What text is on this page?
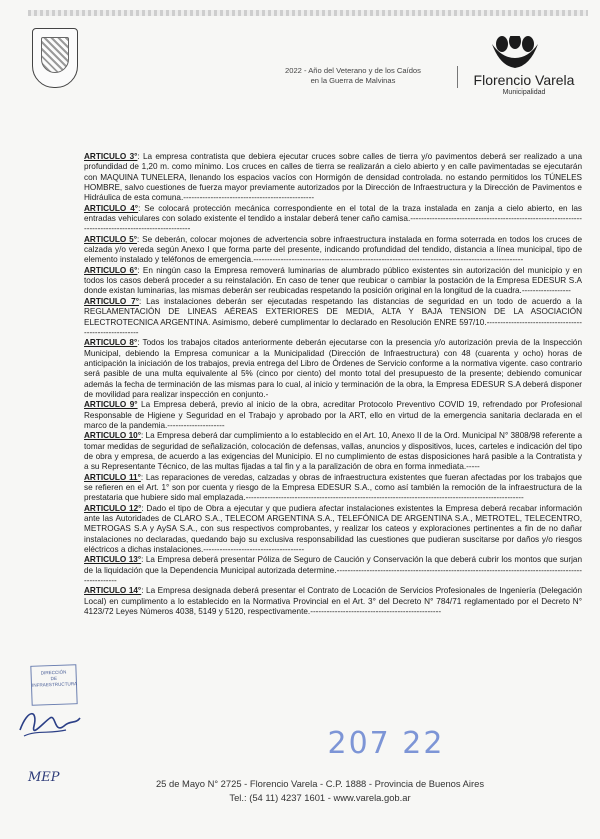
2022 - Año del Veterano y de los Caídos
en la Guerra de Malvinas	Florencio Varela
Municipalidad

ARTICULO 3°: La empresa contratista que debiera ejecutar cruces sobre calles de tierra y/o pavimentos deberá ser realizado a una profundidad de 1,20 m. como mínimo. Los cruces en calles de tierra se realizarán a cielo abierto y en calle pavimentadas se ejecutarán con MAQUINA TUNELERA, llenando los espacios vacíos con Hormigón de densidad controlada. no estando permitidos los TÚNELES HOMBRE, salvo cuestiones de fuerza mayor previamente autorizados por la Dirección de Infraestructura y la Dirección de Pavimentos e Hidráulica de esta comuna.------------------------------------------------

ARTICULO 4°: Se colocará protección mecánica correspondiente en el total de la traza instalada en zanja a cielo abierto, en las entradas vehiculares con solado existente el tendido a instalar deberá tener caño camisa.------------------------------------------------------------------------------------------------------

ARTICULO 5°: Se deberán, colocar mojones de advertencia sobre infraestructura instalada en forma soterrada en todos los cruces de calzada y/o vereda según Anexo I que forma parte del presente, indicando profundidad del tendido, distancia a línea municipal, tipo de elemento instalado y teléfonos de emergencia.---------------------------------------------------------------------------------------------------

ARTICULO 6°: En ningún caso la Empresa removerá luminarias de alumbrado público existentes sin autorización del municipio y en todos los casos deberá proceder a su reinstalación. En caso de tener que reubicar o cambiar la postación de la Empresa EDESUR S.A donde existan luminarias, las mismas deberán ser reubicadas respetando la posición original en la longitud de la cuadra.------------------

ARTICULO 7°: Las instalaciones deberán ser ejecutadas respetando las distancias de seguridad en un todo de acuerdo a la REGLAMENTACIÓN DE LINEAS AÉREAS EXTERIORES DE MEDIA, ALTA Y BAJA TENSION DE LA ASOCIACIÓN ELECTROTECNICA ARGENTINA. Asimismo, deberé cumplimentar lo declarado en Resolución ENRE 597/10.-------------------------------------------------------

ARTICULO 8°: Todos los trabajos citados anteriormente deberán ejecutarse con la presencia y/o autorización previa de la Inspección Municipal, debiendo la Empresa comunicar a la Municipalidad (Dirección de Infraestructura) con 48 (cuarenta y ocho) horas de anticipación la iniciación de los trabajos, previa entrega del Libro de Órdenes de Servicio conforme a la normativa vigente. caso contrario será pasible de una multa equivalente al 5% (cinco por ciento) del monto total del presupuesto de la presente; debiendo comunicar además la fecha de terminación de las mismas para lo cual, al inicio y terminación de la obra, la Empresa EDESUR S.A deberá disponer de movilidad para realizar inspección en conjunto.-

ARTICULO 9° La Empresa deberá, previo al inicio de la obra, acreditar Protocolo Preventivo COVID 19, refrendado por Profesional Responsable de Higiene y Seguridad en el Trabajo y aprobado por la ART, ello en virtud de la emergencia sanitaria declarada en el marco de la pandemia.---------------------

ARTICULO 10°: La Empresa deberá dar cumplimiento a lo establecido en el Art. 10, Anexo II de la Ord. Municipal N° 3808/98 referente a tomar medidas de seguridad de señalización, colocación de defensas, vallas, anuncios y dispositivos, luces, carteles e indicación del tipo de obra y empresa, de acuerdo a las exigencias del Municipio. El no cumplimiento de estas disposiciones hará pasible a la Contratista y a su Representante Técnico, de las multas fijadas a tal fin y a la paralización de obra en forma inmediata.-----

ARTICULO 11°: Las reparaciones de veredas, calzadas y obras de infraestructura existentes que fueran afectadas por los trabajos que se refieren en el Art. 1° son por cuenta y riesgo de la Empresa EDESUR S.A., como así también la remoción de la infraestructura de la prestataria que hubiere sido mal emplazada.------------------------------------------------------------------------------------------------------

ARTICULO 12°: Dado el tipo de Obra a ejecutar y que pudiera afectar instalaciones existentes la Empresa deberá recabar información ante las Autoridades de CLARO S.A., TELECOM ARGENTINA S.A., TELEFÓNICA DE ARGENTINA S.A., METROTEL, TELECENTRO, METROGAS S.A y AySA S.A., con sus respectivos comprobantes, y realizar los cateos y exploraciones pertinentes a fin de no dañar instalaciones no declaradas, quedando bajo su exclusiva responsabilidad las cuestiones que pudieran suscitarse por daños y/o riesgos eléctricos a dichas instalaciones.-------------------------------------

ARTICULO 13°: La Empresa deberá presentar Póliza de Seguro de Caución y Conservación la que deberá cubrir los montos que surjan de la liquidación que la Dependencia Municipal autorizada determine.------------------------------------------------------------------------------------------------------

ARTICULO 14°: La Empresa designada deberá presentar el Contrato de Locación de Servicios Profesionales de Ingeniería (Delegación Local) en cumplimento a lo establecido en la Normativa Provincial en el Art. 3° del Decreto N° 784/71 reglamentado por el Decreto N° 4123/72 Leyes Números 4038, 5149 y 5120, respectivamente.------------------------------------------------

DIRECCIÓN
DE
INFRAESTRUCTURA
MEP
207 22
25 de Mayo N° 2725 - Florencio Varela - C.P. 1888 - Provincia de Buenos Aires
Tel.: (54 11) 4237 1601 - www.varela.gob.ar
